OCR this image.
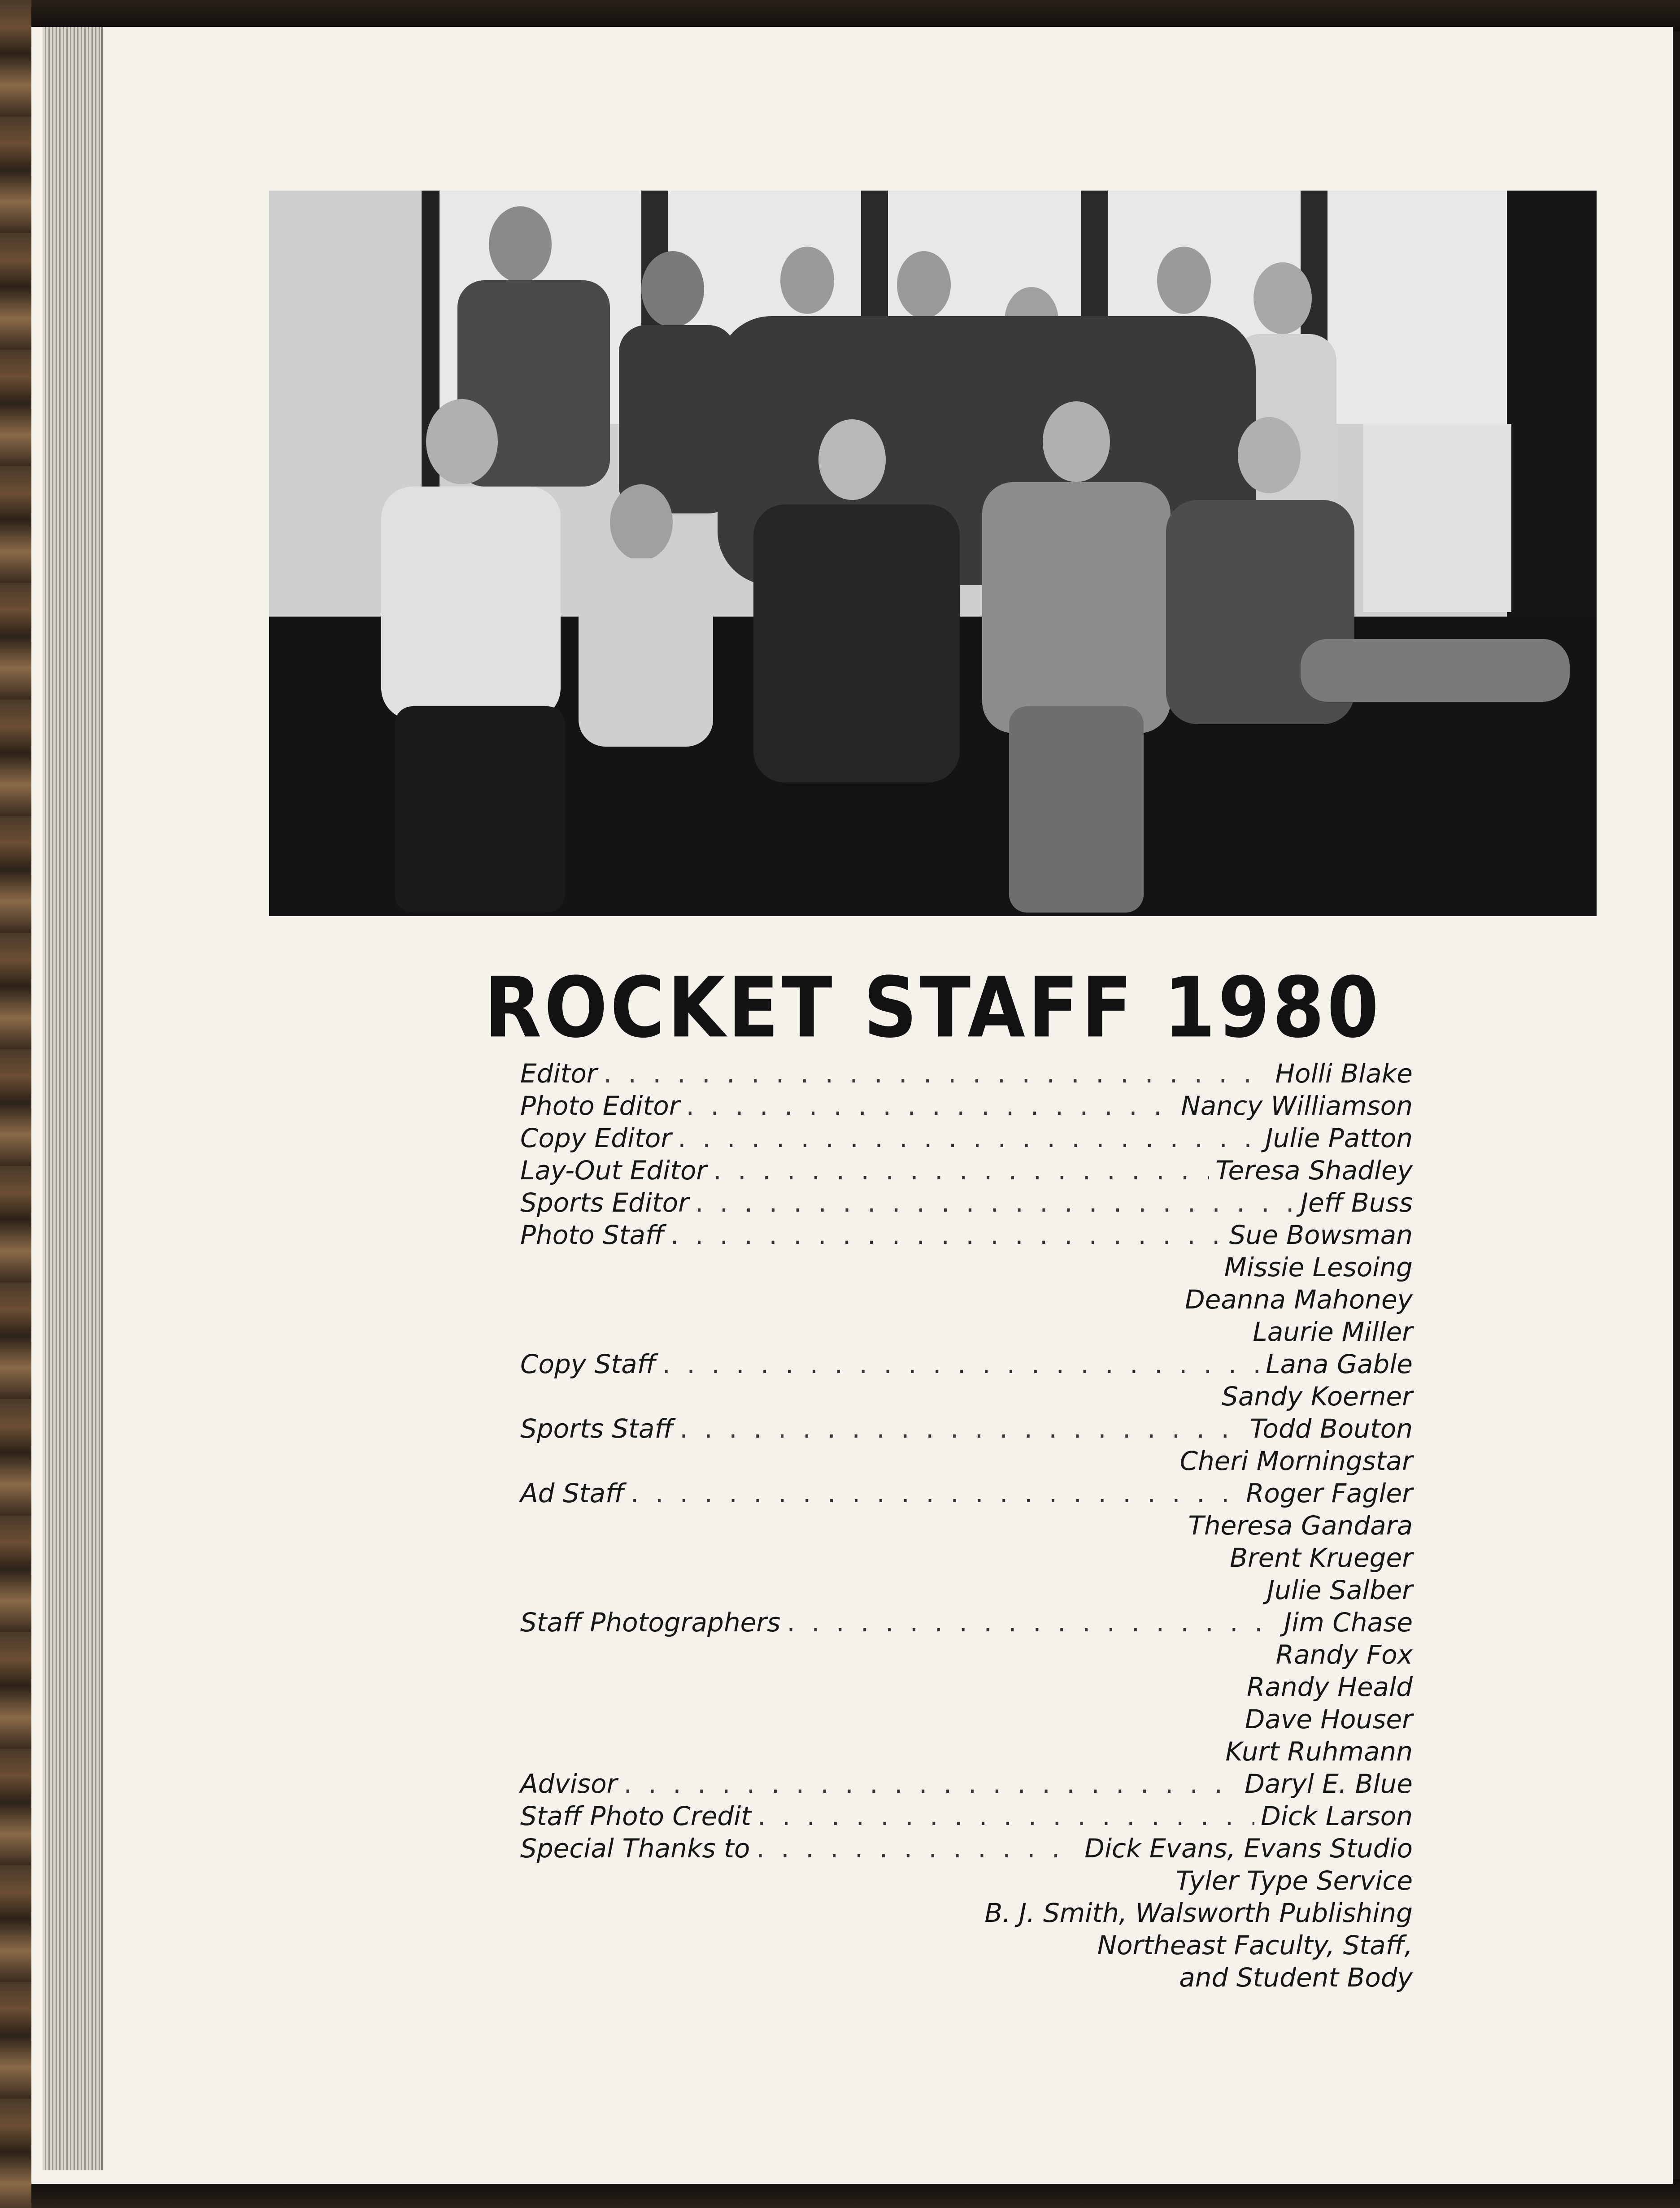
ROCKET STAFF 1980
Editor . . .	Holli Blake
Photo Editor . . .	Nancy Williamson
Copy Editor . . .	Julie Patton
Lay-Out Editor . . .	Teresa Shadley
Sports Editor . . .	Jeff Buss
Photo Staff . . .	Sue Bowsman
Missie Lesoing
Deanna Mahoney
Laurie Miller
Copy Staff . . .	Lana Gable
Sandy Koerner
Sports Staff . . .	Todd Bouton
Cheri Morningstar
Ad Staff . . .	Roger Fagler
Theresa Gandara
Brent Krueger
Julie Salber
Staff Photographers . . .	Jim Chase
Randy Fox
Randy Heald
Dave Houser
Kurt Ruhmann
Advisor . . .	Daryl E. Blue
Staff Photo Credit . . .	Dick Larson
Special Thanks to . . .	Dick Evans, Evans Studio
Tyler Type Service
B. J. Smith, Walsworth Publishing
Northeast Faculty, Staff,
and Student Body
